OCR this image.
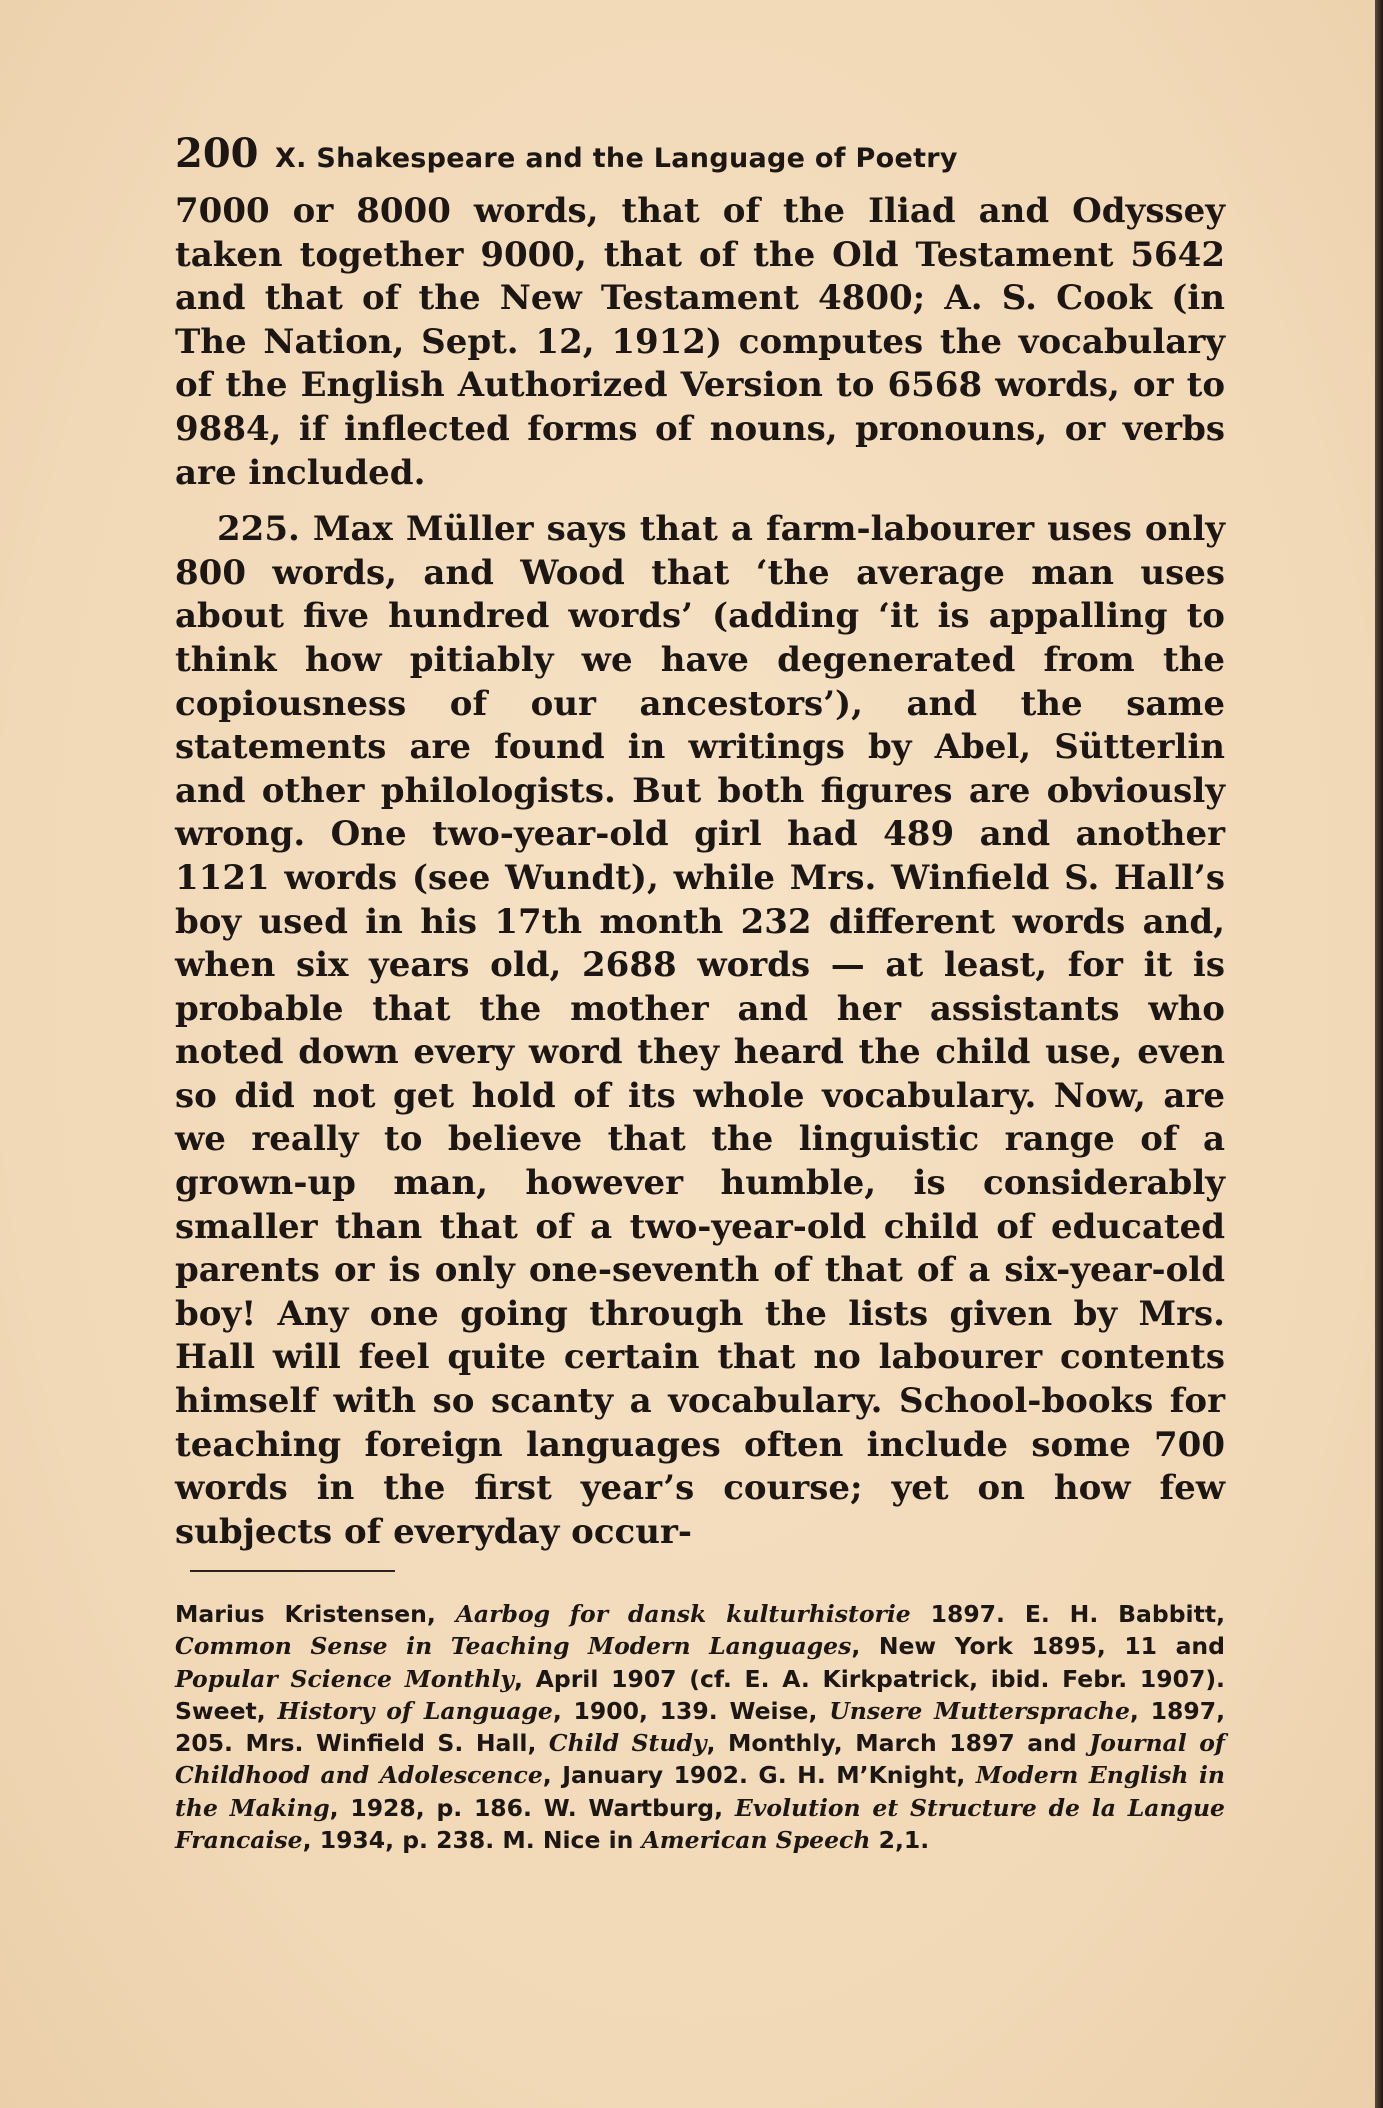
200 X. Shakespeare and the Language of Poetry

7000 or 8000 words, that of the Iliad and Odyssey taken together 9000, that of the Old Testament 5642 and that of the New Testament 4800; A. S. Cook (in The Nation, Sept. 12, 1912) computes the vocabulary of the English Authorized Version to 6568 words, or to 9884, if inflected forms of nouns, pronouns, or verbs are included.

225. Max Müller says that a farm-labourer uses only 800 words, and Wood that ‘the average man uses about five hundred words’ (adding ‘it is appalling to think how pitiably we have degenerated from the copiousness of our ancestors’), and the same statements are found in writings by Abel, Sütterlin and other philologists. But both figures are obviously wrong. One two-year-old girl had 489 and another 1121 words (see Wundt), while Mrs. Winfield S. Hall’s boy used in his 17th month 232 different words and, when six years old, 2688 words — at least, for it is probable that the mother and her assistants who noted down every word they heard the child use, even so did not get hold of its whole vocabulary. Now, are we really to believe that the linguistic range of a grown-up man, however humble, is considerably smaller than that of a two-year-old child of educated parents or is only one-seventh of that of a six-year-old boy! Any one going through the lists given by Mrs. Hall will feel quite certain that no labourer contents himself with so scanty a vocabulary. School-books for teaching foreign languages often include some 700 words in the first year’s course; yet on how few subjects of everyday occur-

Marius Kristensen, Aarbog for dansk kulturhistorie 1897. E. H. Babbitt, Common Sense in Teaching Modern Languages, New York 1895, 11 and Popular Science Monthly, April 1907 (cf. E. A. Kirkpatrick, ibid. Febr. 1907). Sweet, History of Language, 1900, 139. Weise, Unsere Muttersprache, 1897, 205. Mrs. Winfield S. Hall, Child Study, Monthly, March 1897 and Journal of Childhood and Adolescence, January 1902. G. H. M’Knight, Modern English in the Making, 1928, p. 186. W. Wartburg, Evolution et Structure de la Langue Francaise, 1934, p. 238. M. Nice in American Speech 2,1.
